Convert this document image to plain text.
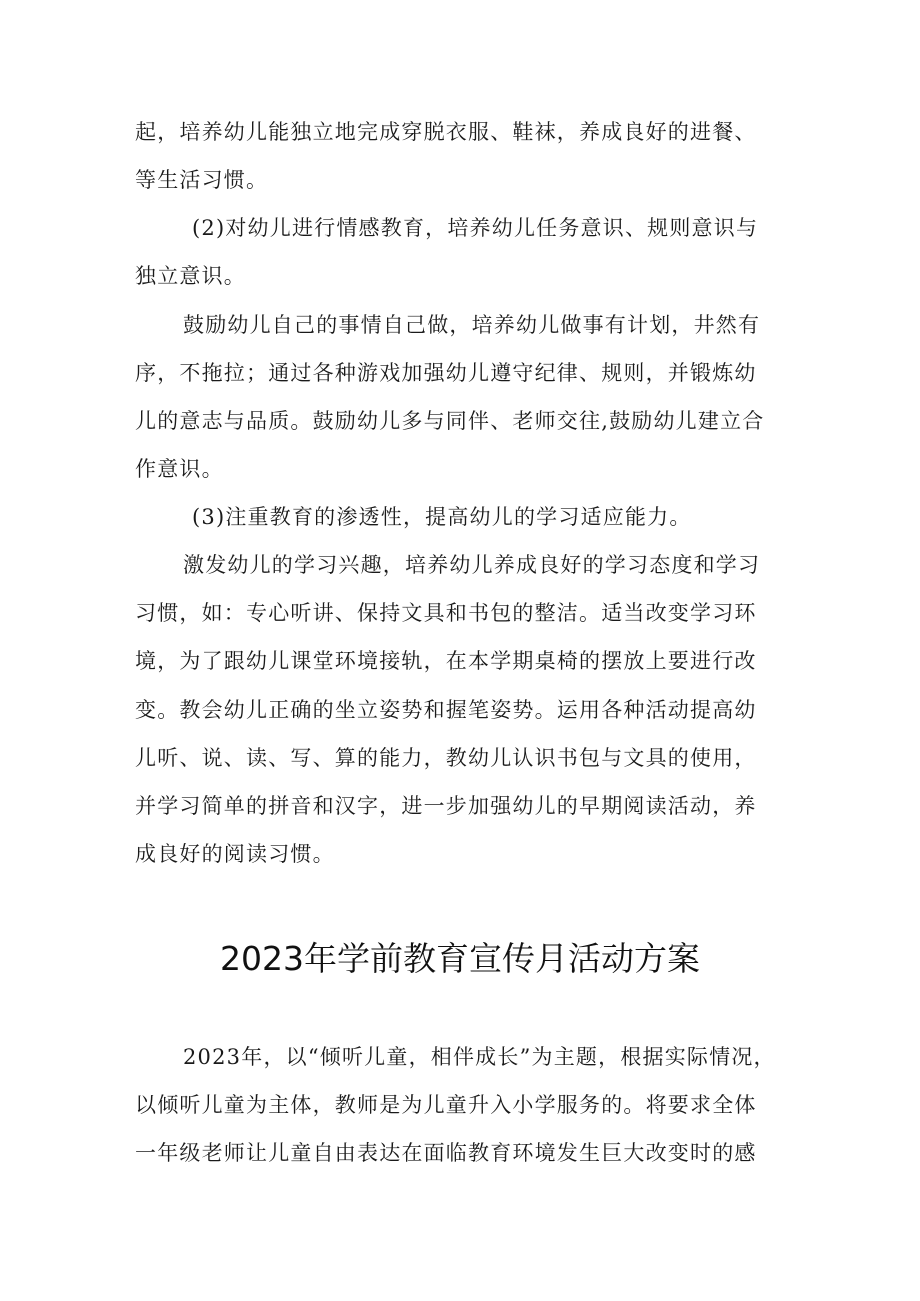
起，培养幼儿能独立地完成穿脱衣服、鞋袜，养成良好的进餐、
等生活习惯。
(2)对幼儿进行情感教育，培养幼儿任务意识、规则意识与
独立意识。
鼓励幼儿自己的事情自己做，培养幼儿做事有计划，井然有
序，不拖拉；通过各种游戏加强幼儿遵守纪律、规则，并锻炼幼
儿的意志与品质。鼓励幼儿多与同伴、老师交往,鼓励幼儿建立合
作意识。
(3)注重教育的渗透性，提高幼儿的学习适应能力。
激发幼儿的学习兴趣，培养幼儿养成良好的学习态度和学习
习惯，如：专心听讲、保持文具和书包的整洁。适当改变学习环
境，为了跟幼儿课堂环境接轨，在本学期桌椅的摆放上要进行改
变。教会幼儿正确的坐立姿势和握笔姿势。运用各种活动提高幼
儿听、说、读、写、算的能力，教幼儿认识书包与文具的使用，
并学习简单的拼音和汉字，进一步加强幼儿的早期阅读活动，养
成良好的阅读习惯。
2023年学前教育宣传月活动方案
2023年，以“倾听儿童，相伴成长”为主题，根据实际情况，
以倾听儿童为主体，教师是为儿童升入小学服务的。将要求全体
一年级老师让儿童自由表达在面临教育环境发生巨大改变时的感
